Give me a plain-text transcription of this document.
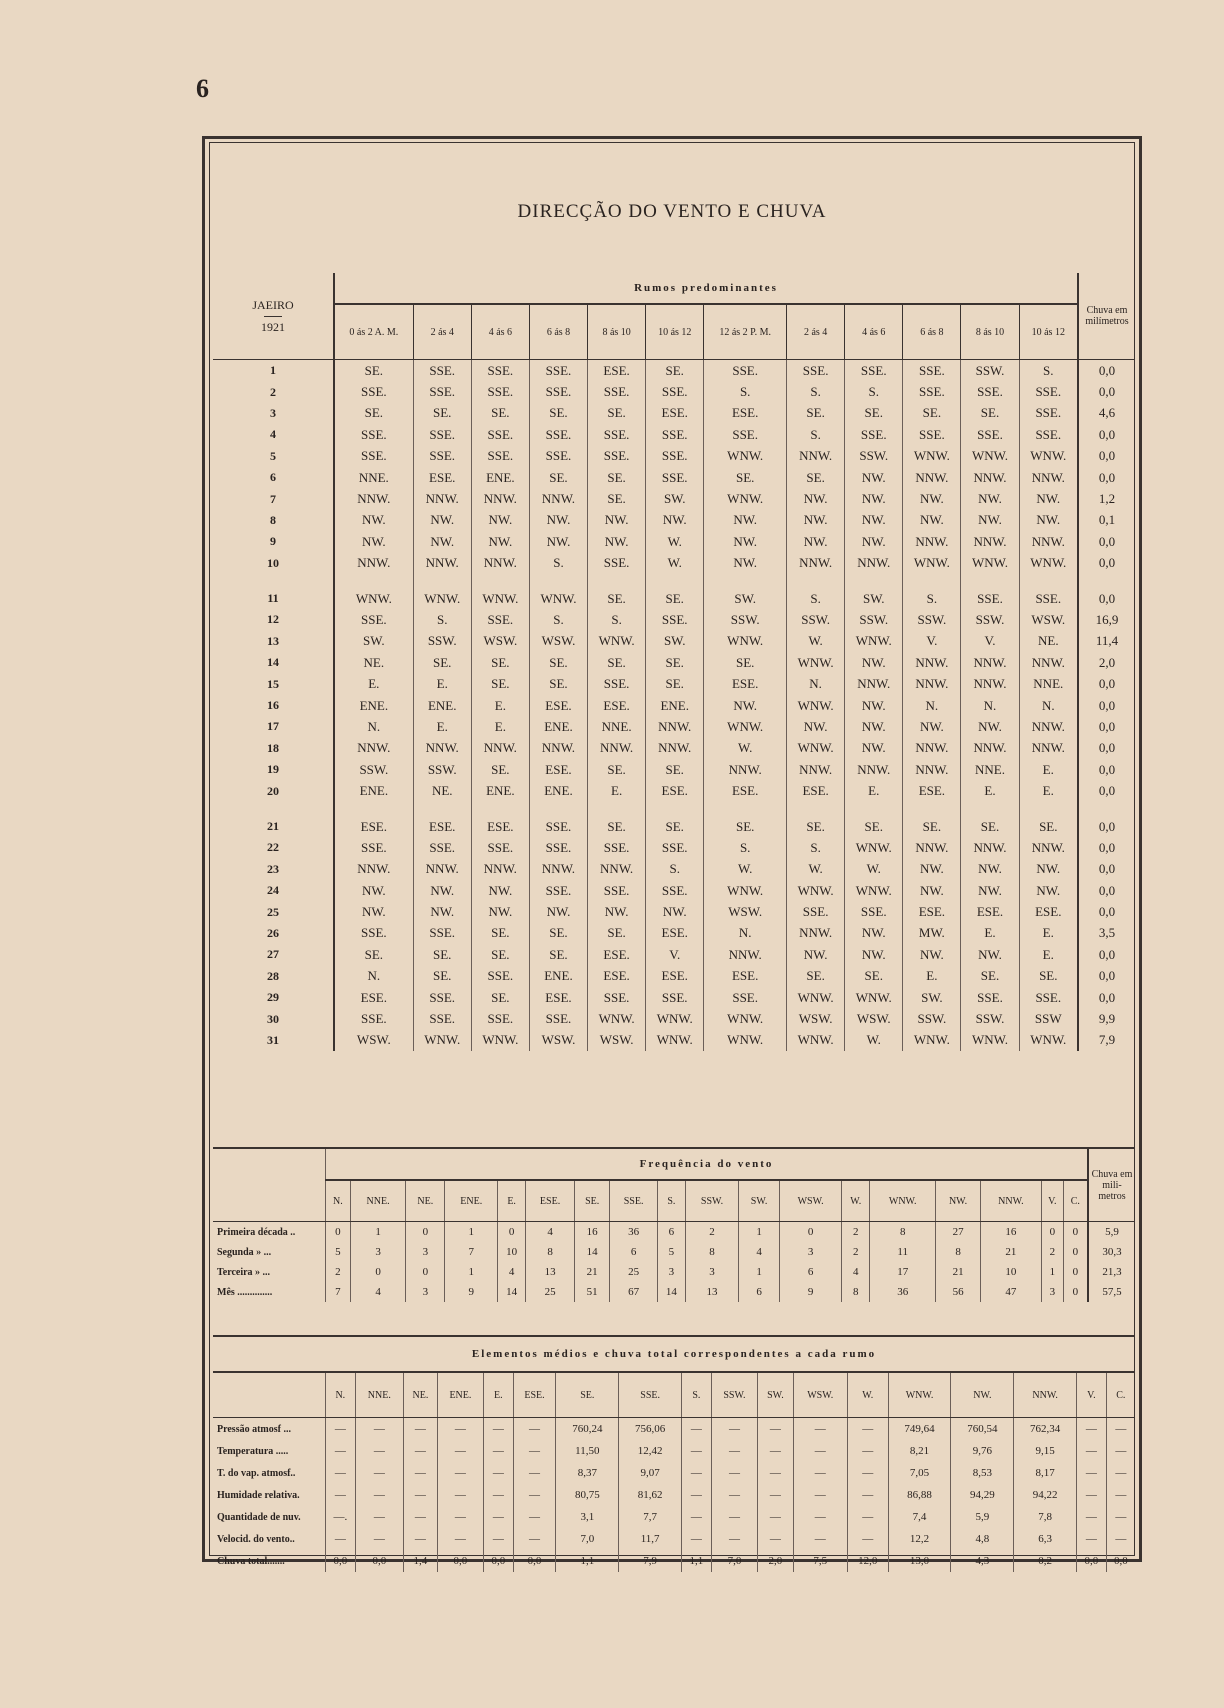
6
DIRECÇÃO DO VENTO E CHUVA
JAEIRO
1921	Rumos predominantes												Chuva em milímetros
	0 ás 2 A. M.	2 ás 4	4 ás 6	6 ás 8	8 ás 10	10 ás 12	12 ás 2 P. M.	2 ás 4	4 ás 6	6 ás 8	8 ás 10	10 ás 12	
1	SE.	SSE.	SSE.	SSE.	ESE.	SE.	SSE.	SSE.	SSE.	SSE.	SSW.	S.	0,0
2	SSE.	SSE.	SSE.	SSE.	SSE.	SSE.	S.	S.	S.	SSE.	SSE.	SSE.	0,0
3	SE.	SE.	SE.	SE.	SE.	ESE.	ESE.	SE.	SE.	SE.	SE.	SSE.	4,6
4	SSE.	SSE.	SSE.	SSE.	SSE.	SSE.	SSE.	S.	SSE.	SSE.	SSE.	SSE.	0,0
5	SSE.	SSE.	SSE.	SSE.	SSE.	SSE.	WNW.	NNW.	SSW.	WNW.	WNW.	WNW.	0,0
6	NNE.	ESE.	ENE.	SE.	SE.	SSE.	SE.	SE.	NW.	NNW.	NNW.	NNW.	0,0
7	NNW.	NNW.	NNW.	NNW.	SE.	SW.	WNW.	NW.	NW.	NW.	NW.	NW.	1,2
8	NW.	NW.	NW.	NW.	NW.	NW.	NW.	NW.	NW.	NW.	NW.	NW.	0,1
9	NW.	NW.	NW.	NW.	NW.	W.	NW.	NW.	NW.	NNW.	NNW.	NNW.	0,0
10	NNW.	NNW.	NNW.	S.	SSE.	W.	NW.	NNW.	NNW.	WNW.	WNW.	WNW.	0,0

11	WNW.	WNW.	WNW.	WNW.	SE.	SE.	SW.	S.	SW.	S.	SSE.	SSE.	0,0
12	SSE.	S.	SSE.	S.	S.	SSE.	SSW.	SSW.	SSW.	SSW.	SSW.	WSW.	16,9
13	SW.	SSW.	WSW.	WSW.	WNW.	SW.	WNW.	W.	WNW.	V.	V.	NE.	11,4
14	NE.	SE.	SE.	SE.	SE.	SE.	SE.	WNW.	NW.	NNW.	NNW.	NNW.	2,0
15	E.	E.	SE.	SE.	SSE.	SE.	ESE.	N.	NNW.	NNW.	NNW.	NNE.	0,0
16	ENE.	ENE.	E.	ESE.	ESE.	ENE.	NW.	WNW.	NW.	N.	N.	N.	0,0
17	N.	E.	E.	ENE.	NNE.	NNW.	WNW.	NW.	NW.	NW.	NW.	NNW.	0,0
18	NNW.	NNW.	NNW.	NNW.	NNW.	NNW.	W.	WNW.	NW.	NNW.	NNW.	NNW.	0,0
19	SSW.	SSW.	SE.	ESE.	SE.	SE.	NNW.	NNW.	NNW.	NNW.	NNE.	E.	0,0
20	ENE.	NE.	ENE.	ENE.	E.	ESE.	ESE.	ESE.	E.	ESE.	E.	E.	0,0

21	ESE.	ESE.	ESE.	SSE.	SE.	SE.	SE.	SE.	SE.	SE.	SE.	SE.	0,0
22	SSE.	SSE.	SSE.	SSE.	SSE.	SSE.	S.	S.	WNW.	NNW.	NNW.	NNW.	0,0
23	NNW.	NNW.	NNW.	NNW.	NNW.	S.	W.	W.	W.	NW.	NW.	NW.	0,0
24	NW.	NW.	NW.	SSE.	SSE.	SSE.	WNW.	WNW.	WNW.	NW.	NW.	NW.	0,0
25	NW.	NW.	NW.	NW.	NW.	NW.	WSW.	SSE.	SSE.	ESE.	ESE.	ESE.	0,0
26	SSE.	SSE.	SE.	SE.	SE.	ESE.	N.	NNW.	NW.	MW.	E.	E.	3,5
27	SE.	SE.	SE.	SE.	ESE.	V.	NNW.	NW.	NW.	NW.	NW.	E.	0,0
28	N.	SE.	SSE.	ENE.	ESE.	ESE.	ESE.	SE.	SE.	E.	SE.	SE.	0,0
29	ESE.	SSE.	SE.	ESE.	SSE.	SSE.	SSE.	WNW.	WNW.	SW.	SSE.	SSE.	0,0
30	SSE.	SSE.	SSE.	SSE.	WNW.	WNW.	WNW.	WSW.	WSW.	SSW.	SSW.	SSW	9,9
31	WSW.	WNW.	WNW.	WSW.	WSW.	WNW.	WNW.	WNW.	W.	WNW.	WNW.	WNW.	7,9
	Frequência do vento																		Chuva em mili-metros
	N.	NNE.	NE.	ENE.	E.	ESE.	SE.	SSE.	S.	SSW.	SW.	WSW.	W.	WNW.	NW.	NNW.	V.	C.	
Primeira década ..	0	1	0	1	0	4	16	36	6	2	1	0	2	8	27	16	0	0	5,9
Segunda » ...	5	3	3	7	10	8	14	6	5	8	4	3	2	11	8	21	2	0	30,3
Terceira » ...	2	0	0	1	4	13	21	25	3	3	1	6	4	17	21	10	1	0	21,3
Mês ..............	7	4	3	9	14	25	51	67	14	13	6	9	8	36	56	47	3	0	57,5
Elementos médios e chuva total correspondentes a cada rumo																		
	N.	NNE.	NE.	ENE.	E.	ESE.	SE.	SSE.	S.	SSW.	SW.	WSW.	W.	WNW.	NW.	NNW.	V.	C.
Pressão atmosf ...	—	—	—	—	—	—	760,24	756,06	—	—	—	—	—	749,64	760,54	762,34	—	—
Temperatura .....	—	—	—	—	—	—	11,50	12,42	—	—	—	—	—	8,21	9,76	9,15	—	—
T. do vap. atmosf..	—	—	—	—	—	—	8,37	9,07	—	—	—	—	—	7,05	8,53	8,17	—	—
Humidade relativa.	—	—	—	—	—	—	80,75	81,62	—	—	—	—	—	86,88	94,29	94,22	—	—
Quantidade de nuv.	—.	—	—	—	—	—	3,1	7,7	—	—	—	—	—	7,4	5,9	7,8	—	—
Velocid. do vento..	—	—	—	—	—	—	7,0	11,7	—	—	—	—	—	12,2	4,8	6,3	—	—
Chuva total.......	0,0	0,0	1,4	0,0	0,0	0,0	1,1	7,9	1,1	7,0	2,0	7,5	12,0	13,0	4,3	0,2	0,0	0,0
